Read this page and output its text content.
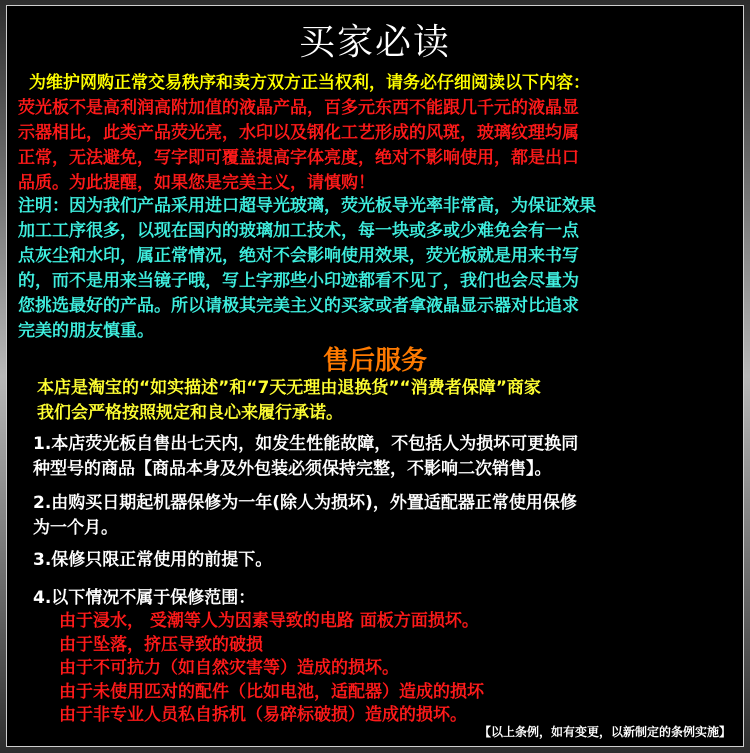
买家必读
为维护网购正常交易秩序和卖方双方正当权利，请务必仔细阅读以下内容：
荧光板不是高利润高附加值的液晶产品，百多元东西不能跟几千元的液晶显
示器相比，此类产品荧光亮，水印以及钢化工艺形成的风斑，玻璃纹理均属
正常，无法避免，写字即可覆盖提高字体亮度，绝对不影响使用，都是出口
品质。为此提醒，如果您是完美主义，请慎购！
注明：因为我们产品采用进口超导光玻璃，荧光板导光率非常高，为保证效果
加工工序很多，以现在国内的玻璃加工技术，每一块或多或少难免会有一点
点灰尘和水印，属正常情况，绝对不会影响使用效果，荧光板就是用来书写
的，而不是用来当镜子哦，写上字那些小印迹都看不见了，我们也会尽量为
您挑选最好的产品。所以请极其完美主义的买家或者拿液晶显示器对比追求
完美的朋友慎重。
售后服务
本店是淘宝的“如实描述”和“7天无理由退换货”“消费者保障”商家
我们会严格按照规定和良心来履行承诺。
1.本店荧光板自售出七天内，如发生性能故障，不包括人为损坏可更换同
种型号的商品【商品本身及外包装必须保持完整，不影响二次销售】。
2.由购买日期起机器保修为一年(除人为损坏)，外置适配器正常使用保修
为一个月。
3.保修只限正常使用的前提下。
4.以下情况不属于保修范围：
由于浸水， 受潮等人为因素导致的电路 面板方面损坏。
由于坠落，挤压导致的破损
由于不可抗力（如自然灾害等）造成的损坏。
由于未使用匹对的配件（比如电池，适配器）造成的损坏
由于非专业人员私自拆机（易碎标破损）造成的损坏。
【以上条例，如有变更，以新制定的条例实施】
